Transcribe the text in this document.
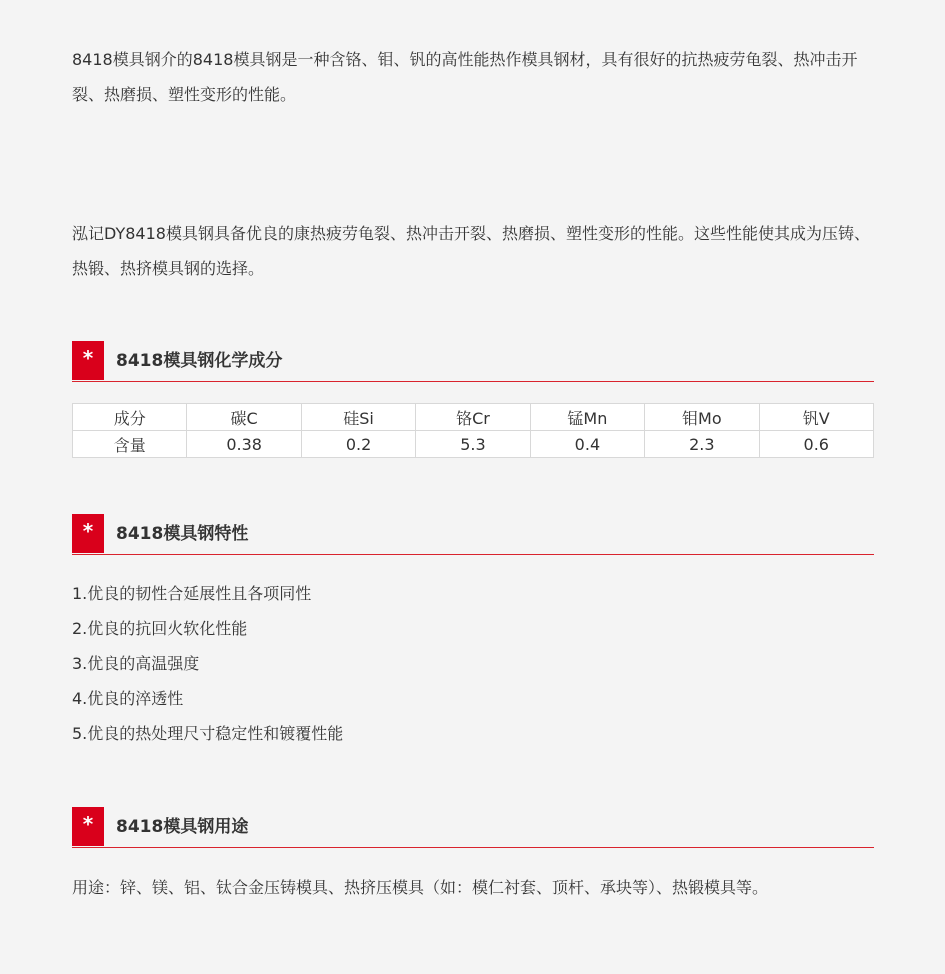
8418模具钢介的8418模具钢是一种含铬、钼、钒的高性能热作模具钢材，具有很好的抗热疲劳龟裂、热冲击开裂、热磨损、塑性变形的性能。

泓记DY8418模具钢具备优良的康热疲劳龟裂、热冲击开裂、热磨损、塑性变形的性能。这些性能使其成为压铸、热锻、热挤模具钢的选择。

*	8418模具钢化学成分
成分	碳C	硅Si	铬Cr	锰Mn	钼Mo	钒V
含量	0.38	0.2	5.3	0.4	2.3	0.6
*	8418模具钢特性
1.优良的韧性合延展性且各项同性
2.优良的抗回火软化性能
3.优良的高温强度
4.优良的淬透性
5.优良的热处理尺寸稳定性和镀覆性能
*	8418模具钢用途

用途：锌、镁、铝、钛合金压铸模具、热挤压模具（如：模仁衬套、顶杆、承块等）、热锻模具等。
